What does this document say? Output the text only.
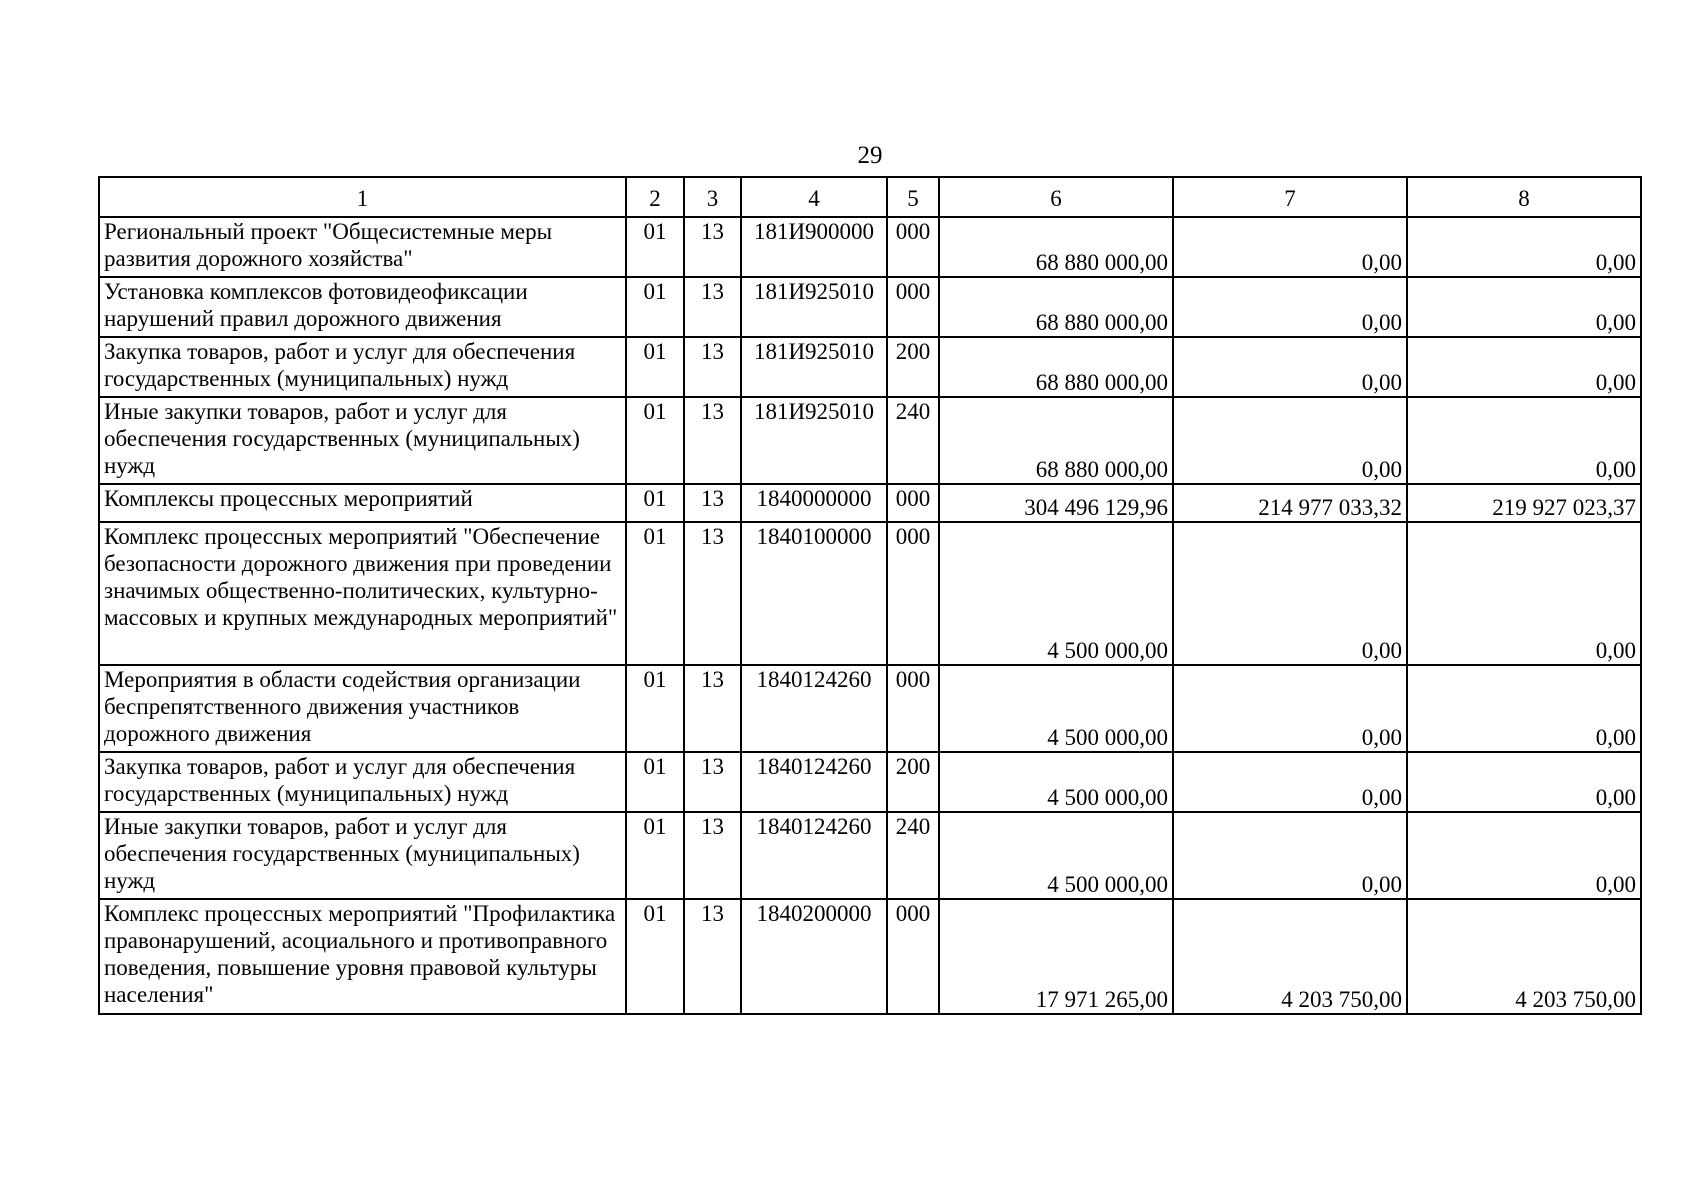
29
1	2	3	4	5	6	7	8
Региональный проект "Общесистемные меры развития дорожного хозяйства"	01	13	181И900000	000	68 880 000,00	0,00	0,00
Установка комплексов фотовидеофиксации нарушений правил дорожного движения	01	13	181И925010	000	68 880 000,00	0,00	0,00
Закупка товаров, работ и услуг для обеспечения государственных (муниципальных) нужд	01	13	181И925010	200	68 880 000,00	0,00	0,00
Иные закупки товаров, работ и услуг для обеспечения государственных (муниципальных) нужд	01	13	181И925010	240	68 880 000,00	0,00	0,00
Комплексы процессных мероприятий	01	13	1840000000	000	304 496 129,96	214 977 033,32	219 927 023,37
Комплекс процессных мероприятий "Обеспечение безопасности дорожного движения при проведении значимых общественно-политических, культурно-массовых и крупных международных мероприятий"	01	13	1840100000	000	4 500 000,00	0,00	0,00
Мероприятия в области содействия организации беспрепятственного движения участников дорожного движения	01	13	1840124260	000	4 500 000,00	0,00	0,00
Закупка товаров, работ и услуг для обеспечения государственных (муниципальных) нужд	01	13	1840124260	200	4 500 000,00	0,00	0,00
Иные закупки товаров, работ и услуг для обеспечения государственных (муниципальных) нужд	01	13	1840124260	240	4 500 000,00	0,00	0,00
Комплекс процессных мероприятий "Профилактика правонарушений, асоциального и противоправного поведения, повышение уровня правовой культуры населения"	01	13	1840200000	000	17 971 265,00	4 203 750,00	4 203 750,00
